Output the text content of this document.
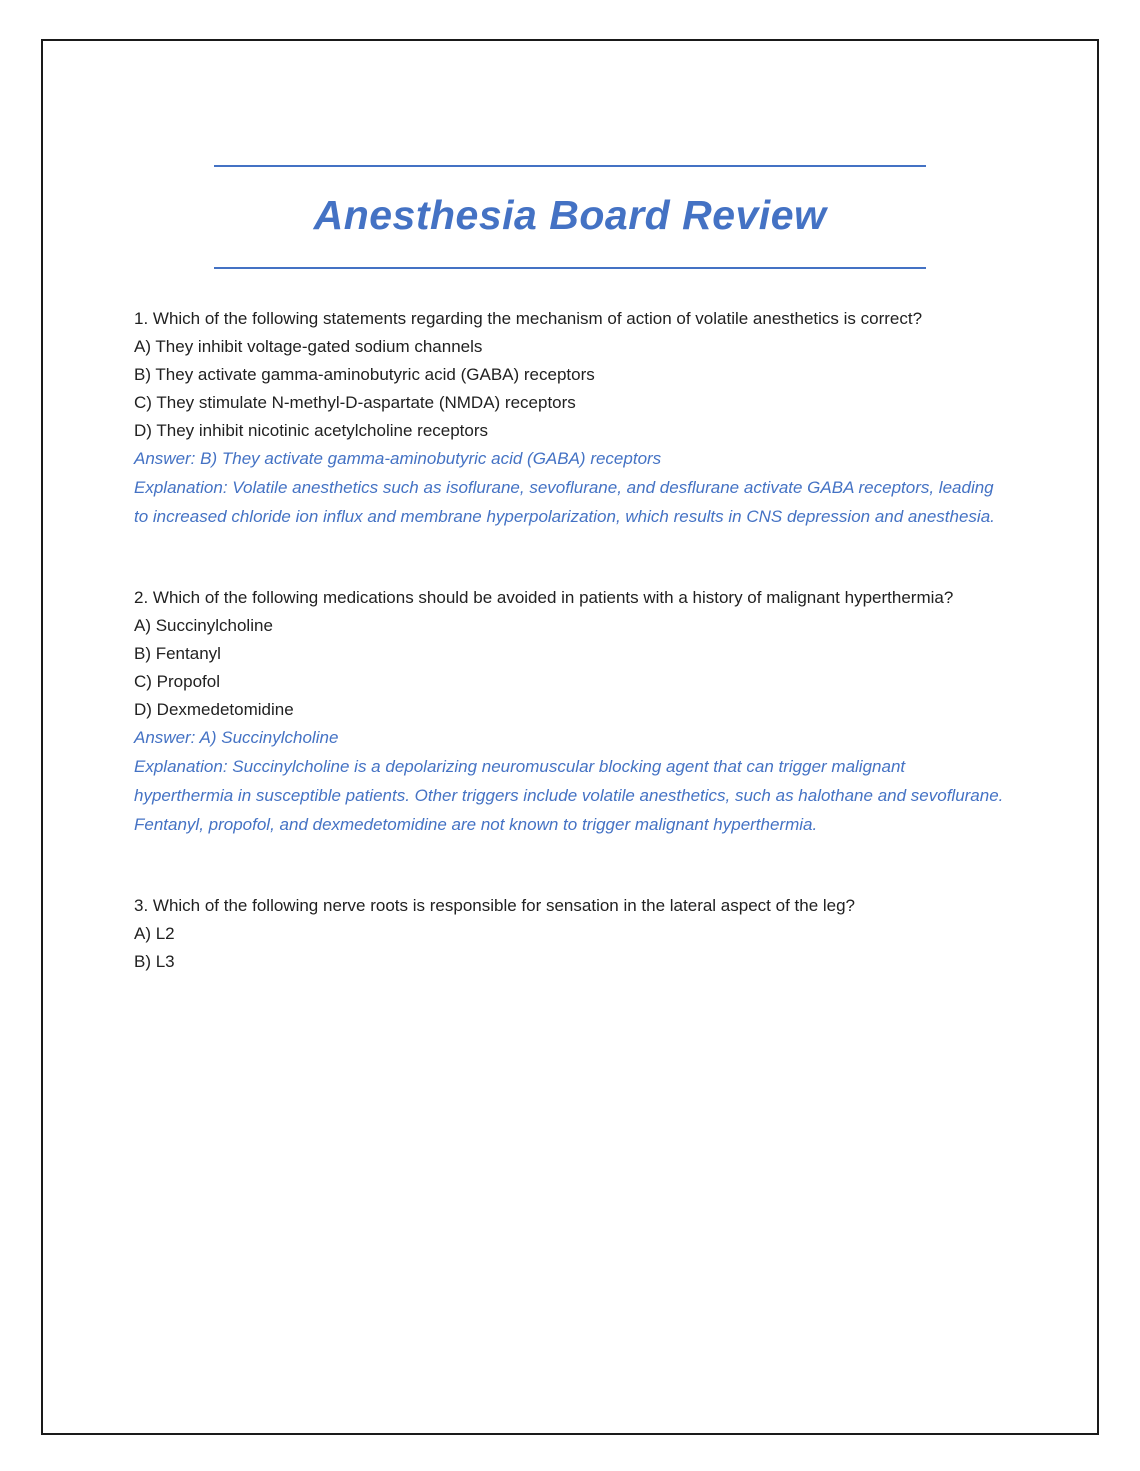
Anesthesia Board Review

1. Which of the following statements regarding the mechanism of action of volatile anesthetics is correct?

A) They inhibit voltage-gated sodium channels

B) They activate gamma-aminobutyric acid (GABA) receptors

C) They stimulate N-methyl-D-aspartate (NMDA) receptors

D) They inhibit nicotinic acetylcholine receptors

Answer: B) They activate gamma-aminobutyric acid (GABA) receptors

Explanation: Volatile anesthetics such as isoflurane, sevoflurane, and desflurane activate GABA receptors, leading to increased chloride ion influx and membrane hyperpolarization, which results in CNS depression and anesthesia.

2. Which of the following medications should be avoided in patients with a history of malignant hyperthermia?

A) Succinylcholine

B) Fentanyl

C) Propofol

D) Dexmedetomidine

Answer: A) Succinylcholine

Explanation: Succinylcholine is a depolarizing neuromuscular blocking agent that can trigger malignant hyperthermia in susceptible patients. Other triggers include volatile anesthetics, such as halothane and sevoflurane. Fentanyl, propofol, and dexmedetomidine are not known to trigger malignant hyperthermia.

3. Which of the following nerve roots is responsible for sensation in the lateral aspect of the leg?

A) L2

B) L3
